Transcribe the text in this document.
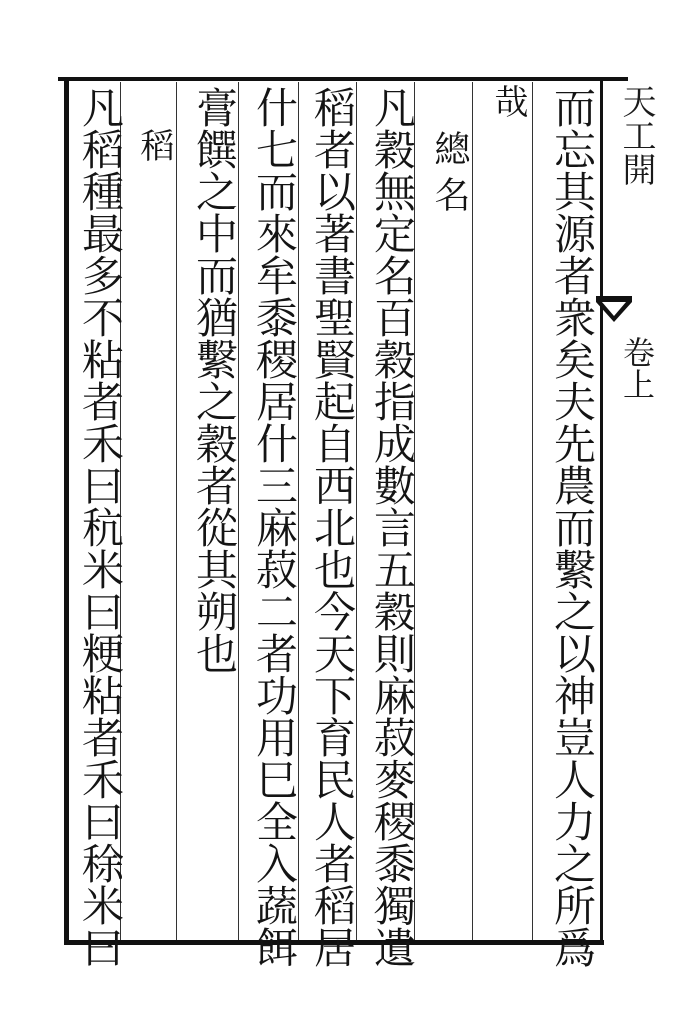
而忘其源者衆矣夫先農而繫之以神豈人力之所爲
哉
總名
凡穀無定名百穀指成數言五穀則麻菽麥稷黍獨遺
稻者以著書聖賢起自西北也今天下育民人者稻居
什七而來牟黍稷居什三麻菽二者功用巳全入蔬餌
膏饌之中而猶繫之穀者從其朔也
稻
凡稻種最多不粘者禾曰秔米曰粳粘者禾曰稌米曰	天工開
卷上
